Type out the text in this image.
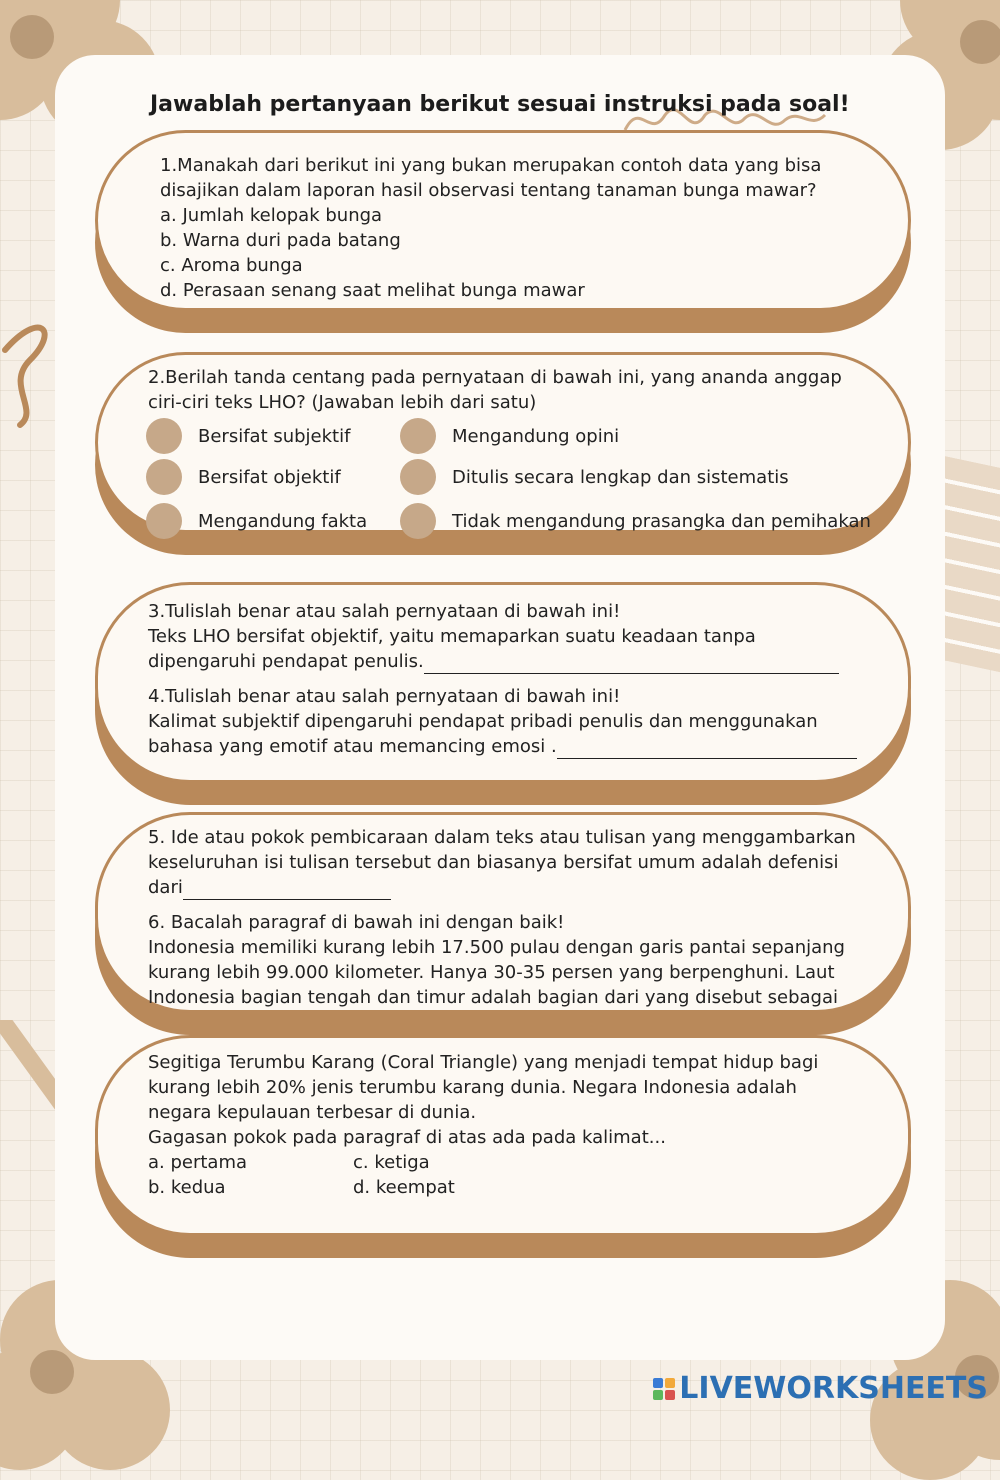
Jawablah pertanyaan berikut sesuai instruksi pada soal!

1.Manakah dari berikut ini yang bukan merupakan contoh data yang bisa

disajikan dalam laporan hasil observasi tentang tanaman bunga mawar?

a. Jumlah kelopak bunga

b. Warna duri pada batang

c. Aroma bunga

d. Perasaan senang saat melihat bunga mawar

2.Berilah tanda centang pada pernyataan di bawah ini, yang ananda anggap

ciri-ciri teks LHO? (Jawaban lebih dari satu)

Bersifat subjektif
Bersifat objektif
Mengandung fakta
Mengandung opini
Ditulis secara lengkap dan sistematis
Tidak mengandung prasangka dan pemihakan

3.Tulislah benar atau salah pernyataan di bawah ini!

Teks LHO bersifat objektif, yaitu memaparkan suatu keadaan tanpa

dipengaruhi pendapat penulis.

4.Tulislah benar atau salah pernyataan di bawah ini!

Kalimat subjektif dipengaruhi pendapat pribadi penulis dan menggunakan

bahasa yang emotif atau memancing emosi .

5. Ide atau pokok pembicaraan dalam teks atau tulisan yang menggambarkan

keseluruhan isi tulisan tersebut dan biasanya bersifat umum adalah defenisi

dari

6. Bacalah paragraf di bawah ini dengan baik!

Indonesia memiliki kurang lebih 17.500 pulau dengan garis pantai sepanjang

kurang lebih 99.000 kilometer. Hanya 30-35 persen yang berpenghuni. Laut

Indonesia bagian tengah dan timur adalah bagian dari yang disebut sebagai

Segitiga Terumbu Karang (Coral Triangle) yang menjadi tempat hidup bagi

kurang lebih 20% jenis terumbu karang dunia. Negara Indonesia adalah

negara kepulauan terbesar di dunia.

Gagasan pokok pada paragraf di atas ada pada kalimat...

a. pertama

b. kedua

c. ketiga

d. keempat

LIVEWORKSHEETS
